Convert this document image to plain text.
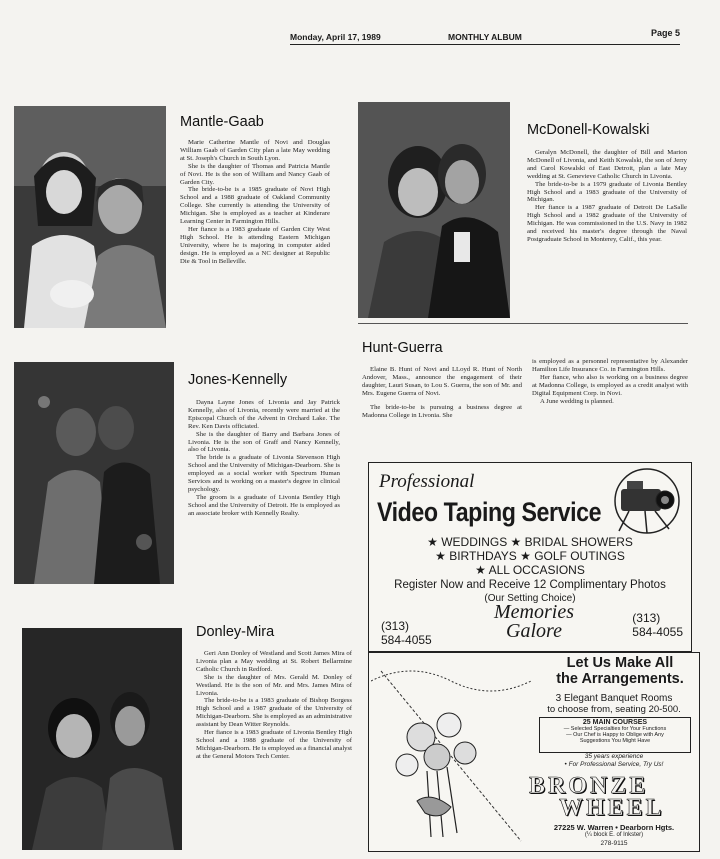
Monday, April 17, 1989	MONTHLY ALBUM	Page 5
Mantle-Gaab

Marie Catherine Mantle of Novi and Douglas William Gaab of Garden City plan a late May wedding at St. Joseph's Church in South Lyon.

She is the daughter of Thomas and Patricia Mantle of Novi. He is the son of William and Nancy Gaab of Garden City.

The bride-to-be is a 1985 graduate of Novi High School and a 1988 graduate of Oakland Community College. She currently is attending the University of Michigan. She is employed as a teacher at Kinderare Learning Center in Farmington Hills.

Her fiance is a 1983 graduate of Garden City West High School. He is attending Eastern Michigan University, where he is majoring in computer aided design. He is employed as a NC designer at Republic Die & Tool in Belleville.

McDonell-Kowalski

Geralyn McDonell, the daughter of Bill and Marion McDonell of Livonia, and Keith Kowalski, the son of Jerry and Carol Kowalski of East Detroit, plan a late May wedding at St. Genevieve Catholic Church in Livonia.

The bride-to-be is a 1979 graduate of Livonia Bentley High School and a 1983 graduate of the University of Michigan.

Her fiance is a 1987 graduate of Detroit De LaSalle High School and a 1982 graduate of the University of Michigan. He was commissioned in the U.S. Navy in 1982 and received his master's degree through the Naval Postgraduate School in Monterey, Calif., this year.

Hunt-Guerra

Elaine B. Hunt of Novi and LLoyd R. Hunt of North Andover, Mass., announce the engagement of their daughter, Lauri Susan, to Lou S. Guerra, the son of Mr. and Mrs. Eugene Guerra of Novi.

The bride-to-be is pursuing a business degree at Madonna College in Livonia. She

is employed as a personnel representative by Alexander Hamilton Life Insurance Co. in Farmington Hills.

Her fiance, who also is working on a business degree at Madonna College, is employed as a credit analyst with Digital Equipment Corp. in Novi.

A June wedding is planned.

Jones-Kennelly

Dayna Layne Jones of Livonia and Jay Patrick Kennelly, also of Livonia, recently were married at the Episcopal Church of the Advent in Orchard Lake. The Rev. Ken Davis officiated.

She is the daughter of Barry and Barbara Jones of Livonia. He is the son of Graff and Nancy Kennelly, also of Livonia.

The bride is a graduate of Livonia Stevenson High School and the University of Michigan-Dearborn. She is employed as a social worker with Spectrum Human Services and is working on a master's degree in clinical psychology.

The groom is a graduate of Livonia Bentley High School and the University of Detroit. He is employed as an associate broker with Kennelly Realty.

Donley-Mira

Geri Ann Donley of Westland and Scott James Mira of Livonia plan a May wedding at St. Robert Bellarmine Catholic Church in Redford.

She is the daughter of Mrs. Gerald M. Donley of Westland. He is the son of Mr. and Mrs. James Mira of Livonia.

The bride-to-be is a 1983 graduate of Bishop Borgess High School and a 1987 graduate of the University of Michigan-Dearborn. She is employed as an administrative assistant by Dean Witter Reynolds.

Her fiance is a 1983 graduate of Livonia Bentley High School and a 1988 graduate of the University of Michigan-Dearborn. He is employed as a financial analyst at the General Motors Tech Center.

Professional
Video Taping Service
★ WEDDINGS ★ BRIDAL SHOWERS
★ BIRTHDAYS ★ GOLF OUTINGS
★ ALL OCCASIONS
Register Now and Receive 12 Complimentary Photos
(Our Setting Choice)
(313)
584-4055
Memories
Galore
(313)
584-4055
Let Us Make All
the Arrangements.
3 Elegant Banquet Rooms
to choose from, seating 20-500.
25 MAIN COURSES
— Selected Specialties for Your Functions
— Our Chef is Happy to Oblige with Any
Suggestions You Might Have
35 years experience
• For Professional Service, Try Us!
BRONZE
WHEEL
27225 W. Warren • Dearborn Hgts.
(¼ block E. of Inkster)
278-9115
